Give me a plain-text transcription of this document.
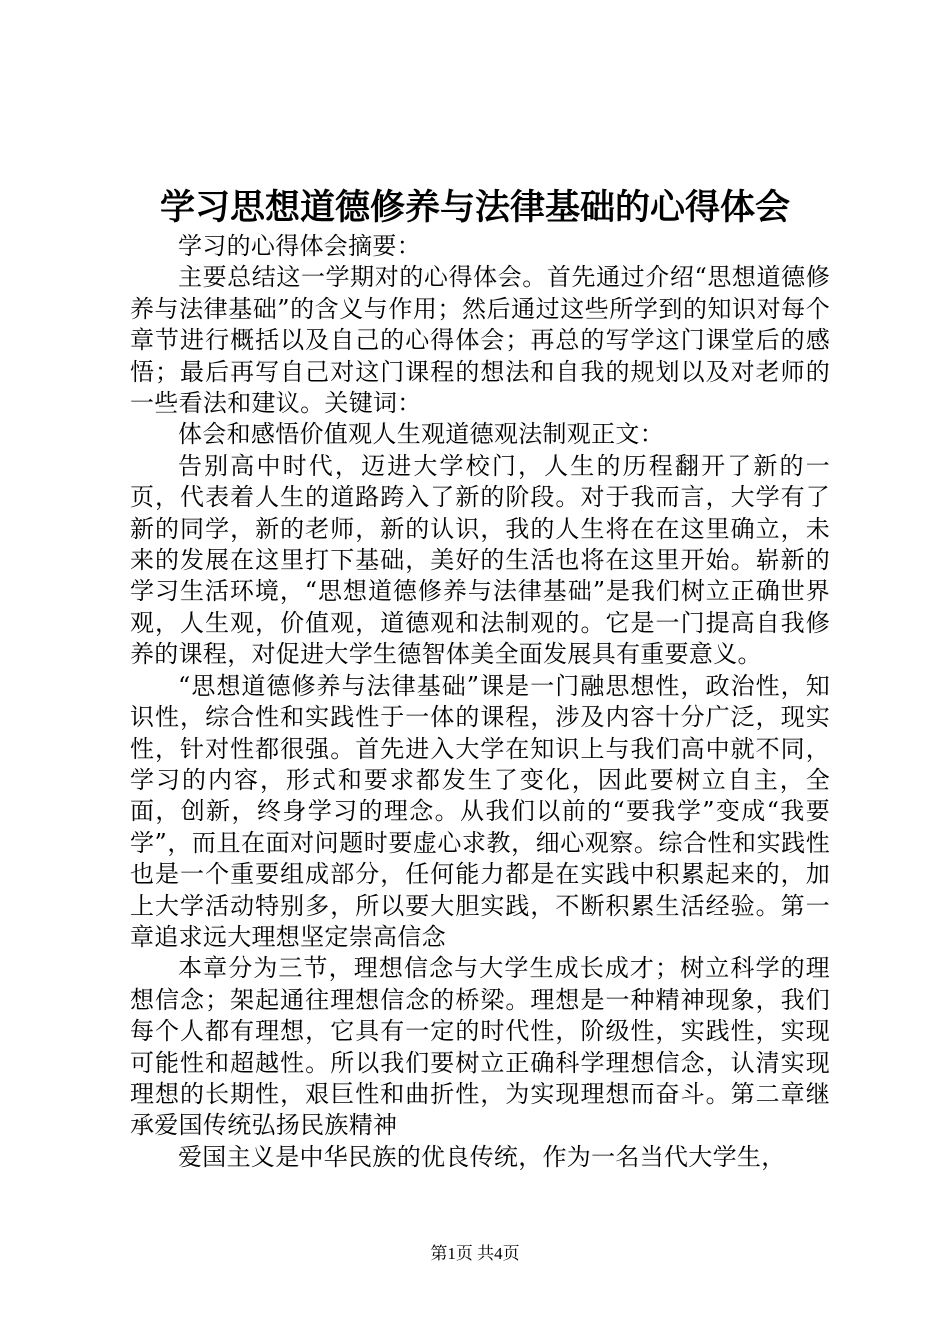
学习思想道德修养与法律基础的心得体会

学习的心得体会摘要：

主要总结这一学期对的心得体会。首先通过介绍“思想道德修养与法律基础”的含义与作用；然后通过这些所学到的知识对每个章节进行概括以及自己的心得体会；再总的写学这门课堂后的感悟；最后再写自己对这门课程的想法和自我的规划以及对老师的一些看法和建议。关键词：

体会和感悟价值观人生观道德观法制观正文：

告别高中时代，迈进大学校门，人生的历程翻开了新的一页，代表着人生的道路跨入了新的阶段。对于我而言，大学有了新的同学，新的老师，新的认识，我的人生将在在这里确立，未来的发展在这里打下基础，美好的生活也将在这里开始。崭新的学习生活环境，“思想道德修养与法律基础”是我们树立正确世界观，人生观，价值观，道德观和法制观的。它是一门提高自我修养的课程，对促进大学生德智体美全面发展具有重要意义。

“思想道德修养与法律基础”课是一门融思想性，政治性，知识性，综合性和实践性于一体的课程，涉及内容十分广泛，现实性，针对性都很强。首先进入大学在知识上与我们高中就不同，学习的内容，形式和要求都发生了变化，因此要树立自主，全面，创新，终身学习的理念。从我们以前的“要我学”变成“我要学”，而且在面对问题时要虚心求教，细心观察。综合性和实践性也是一个重要组成部分，任何能力都是在实践中积累起来的，加上大学活动特别多，所以要大胆实践，不断积累生活经验。第一章追求远大理想坚定崇高信念

本章分为三节，理想信念与大学生成长成才；树立科学的理想信念；架起通往理想信念的桥梁。理想是一种精神现象，我们每个人都有理想，它具有一定的时代性，阶级性，实践性，实现可能性和超越性。所以我们要树立正确科学理想信念，认清实现理想的长期性，艰巨性和曲折性，为实现理想而奋斗。第二章继承爱国传统弘扬民族精神

爱国主义是中华民族的优良传统，作为一名当代大学生，

第1页 共4页
